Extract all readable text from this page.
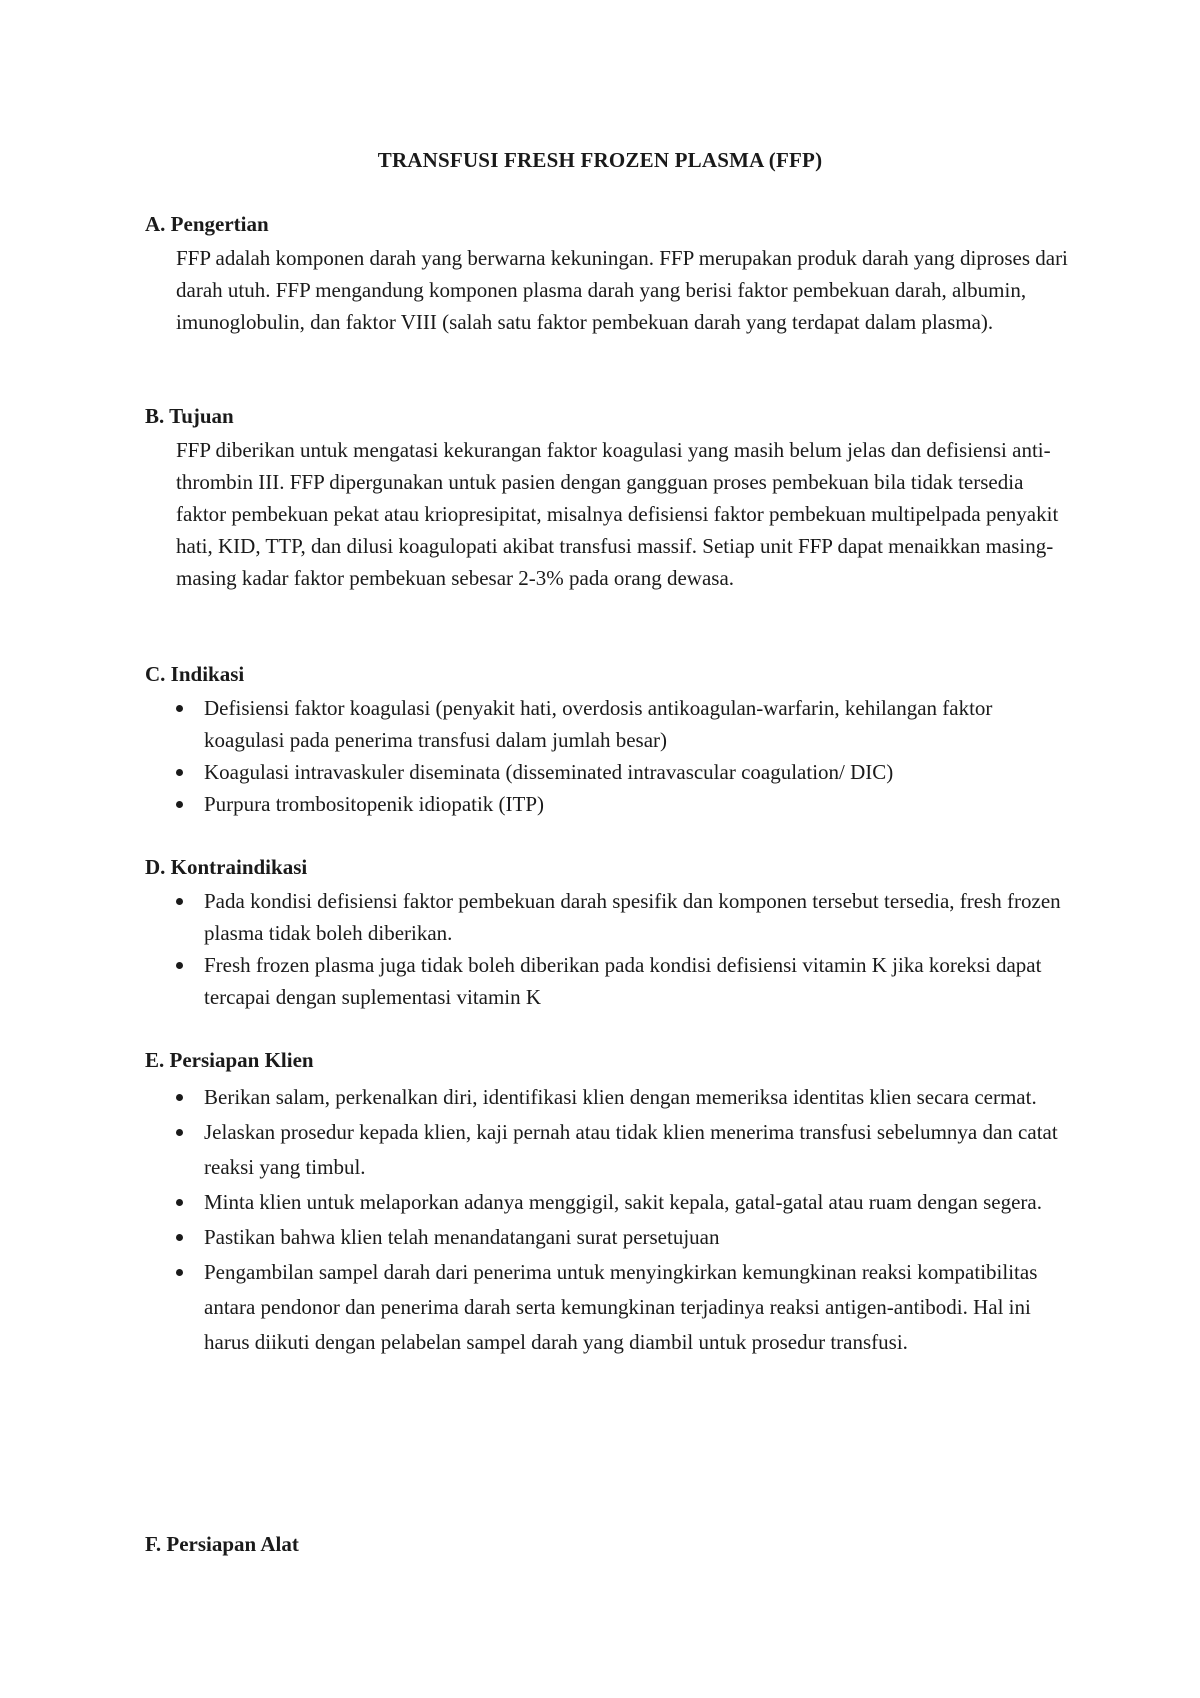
TRANSFUSI FRESH FROZEN PLASMA (FFP)
A. Pengertian
FFP adalah komponen darah yang berwarna kekuningan. FFP merupakan produk darah yang diproses dari darah utuh. FFP mengandung komponen plasma darah yang berisi faktor pembekuan darah, albumin, imunoglobulin, dan faktor VIII (salah satu faktor pembekuan darah yang terdapat dalam plasma).
B. Tujuan
FFP diberikan untuk mengatasi kekurangan faktor koagulasi yang masih belum jelas dan defisiensi anti-thrombin III. FFP dipergunakan untuk pasien dengan gangguan proses pembekuan bila tidak tersedia faktor pembekuan pekat atau kriopresipitat, misalnya defisiensi faktor pembekuan multipelpada penyakit hati, KID, TTP, dan dilusi koagulopati akibat transfusi massif. Setiap unit FFP dapat menaikkan masing-masing kadar faktor pembekuan sebesar 2-3% pada orang dewasa.
C. Indikasi
Defisiensi faktor koagulasi (penyakit hati, overdosis antikoagulan-warfarin, kehilangan faktor koagulasi pada penerima transfusi dalam jumlah besar)
Koagulasi intravaskuler diseminata (disseminated intravascular coagulation/ DIC)
Purpura trombositopenik idiopatik (ITP)
D. Kontraindikasi
Pada kondisi defisiensi faktor pembekuan darah spesifik dan komponen tersebut tersedia, fresh frozen plasma tidak boleh diberikan.
Fresh frozen plasma juga tidak boleh diberikan pada kondisi defisiensi vitamin K jika koreksi dapat tercapai dengan suplementasi vitamin K
E. Persiapan Klien
Berikan salam, perkenalkan diri, identifikasi klien dengan memeriksa identitas klien secara cermat.
Jelaskan prosedur kepada klien, kaji pernah atau tidak klien menerima transfusi sebelumnya dan catat reaksi yang timbul.
Minta klien untuk melaporkan adanya menggigil, sakit kepala, gatal-gatal atau ruam dengan segera.
Pastikan bahwa klien telah menandatangani surat persetujuan
Pengambilan sampel darah dari penerima untuk menyingkirkan kemungkinan reaksi kompatibilitas antara pendonor dan penerima darah serta kemungkinan terjadinya reaksi antigen-antibodi. Hal ini harus diikuti dengan pelabelan sampel darah yang diambil untuk prosedur transfusi.
F. Persiapan Alat
